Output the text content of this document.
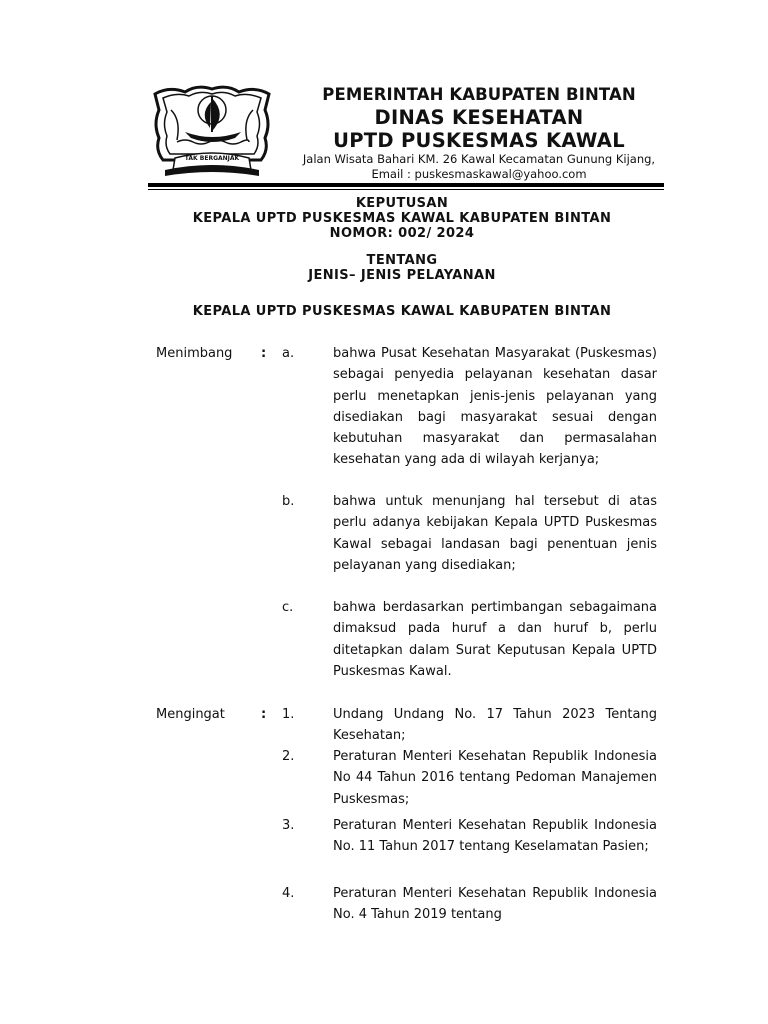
TAK BERGANJAK
PEMERINTAH KABUPATEN BINTAN
DINAS KESEHATAN
UPTD PUSKESMAS KAWAL
Jalan Wisata Bahari KM. 26 Kawal Kecamatan Gunung Kijang,
Email : puskesmaskawal@yahoo.com
KEPUTUSAN
KEPALA UPTD PUSKESMAS KAWAL KABUPATEN BINTAN
NOMOR: 002/ 2024
TENTANG
JENIS– JENIS PELAYANAN
KEPALA UPTD PUSKESMAS KAWAL KABUPATEN BINTAN
Menimbang : a.	bahwa Pusat Kesehatan Masyarakat (Puskesmas) sebagai penyedia pelayanan kesehatan dasar perlu menetapkan jenis-jenis pelayanan yang disediakan bagi masyarakat sesuai dengan kebutuhan masyarakat dan permasalahan kesehatan yang ada di wilayah kerjanya;
b.	bahwa untuk menunjang hal tersebut di atas perlu adanya kebijakan Kepala UPTD Puskesmas Kawal sebagai landasan bagi penentuan jenis pelayanan yang disediakan;
c.	bahwa berdasarkan pertimbangan sebagaimana dimaksud pada huruf a dan huruf b, perlu ditetapkan dalam Surat Keputusan Kepala UPTD Puskesmas Kawal.
Mengingat	: 1.	Undang Undang No. 17 Tahun 2023 Tentang Kesehatan;
2.	Peraturan Menteri Kesehatan Republik Indonesia No 44 Tahun 2016 tentang Pedoman Manajemen Puskesmas;
3.	Peraturan Menteri Kesehatan Republik Indonesia No. 11 Tahun 2017 tentang Keselamatan Pasien;
4.	Peraturan Menteri Kesehatan Republik Indonesia No. 4 Tahun 2019 tentang
